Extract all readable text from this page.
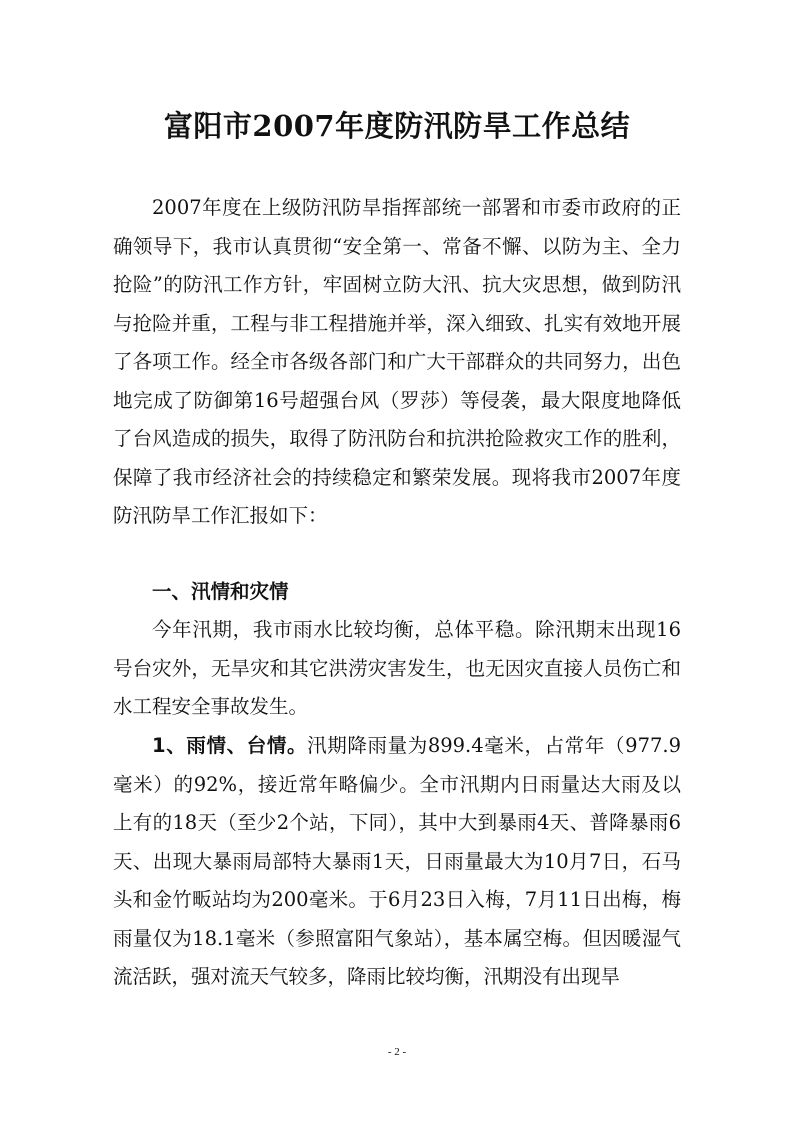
富阳市2007年度防汛防旱工作总结

2007年度在上级防汛防旱指挥部统一部署和市委市政府的正确领导下，我市认真贯彻“安全第一、常备不懈、以防为主、全力抢险”的防汛工作方针，牢固树立防大汛、抗大灾思想，做到防汛与抢险并重，工程与非工程措施并举，深入细致、扎实有效地开展了各项工作。经全市各级各部门和广大干部群众的共同努力，出色地完成了防御第16号超强台风（罗莎）等侵袭，最大限度地降低了台风造成的损失，取得了防汛防台和抗洪抢险救灾工作的胜利，保障了我市经济社会的持续稳定和繁荣发展。现将我市2007年度防汛防旱工作汇报如下：

一、汛情和灾情

今年汛期，我市雨水比较均衡，总体平稳。除汛期末出现16号台灾外，无旱灾和其它洪涝灾害发生，也无因灾直接人员伤亡和水工程安全事故发生。

1、雨情、台情。汛期降雨量为899.4毫米，占常年（977.9毫米）的92%，接近常年略偏少。全市汛期内日雨量达大雨及以上有的18天（至少2个站，下同），其中大到暴雨4天、普降暴雨6天、出现大暴雨局部特大暴雨1天，日雨量最大为10月7日，石马头和金竹畈站均为200毫米。于6月23日入梅，7月11日出梅，梅雨量仅为18.1毫米（参照富阳气象站），基本属空梅。但因暖湿气流活跃，强对流天气较多，降雨比较均衡，汛期没有出现旱

- 2 -
